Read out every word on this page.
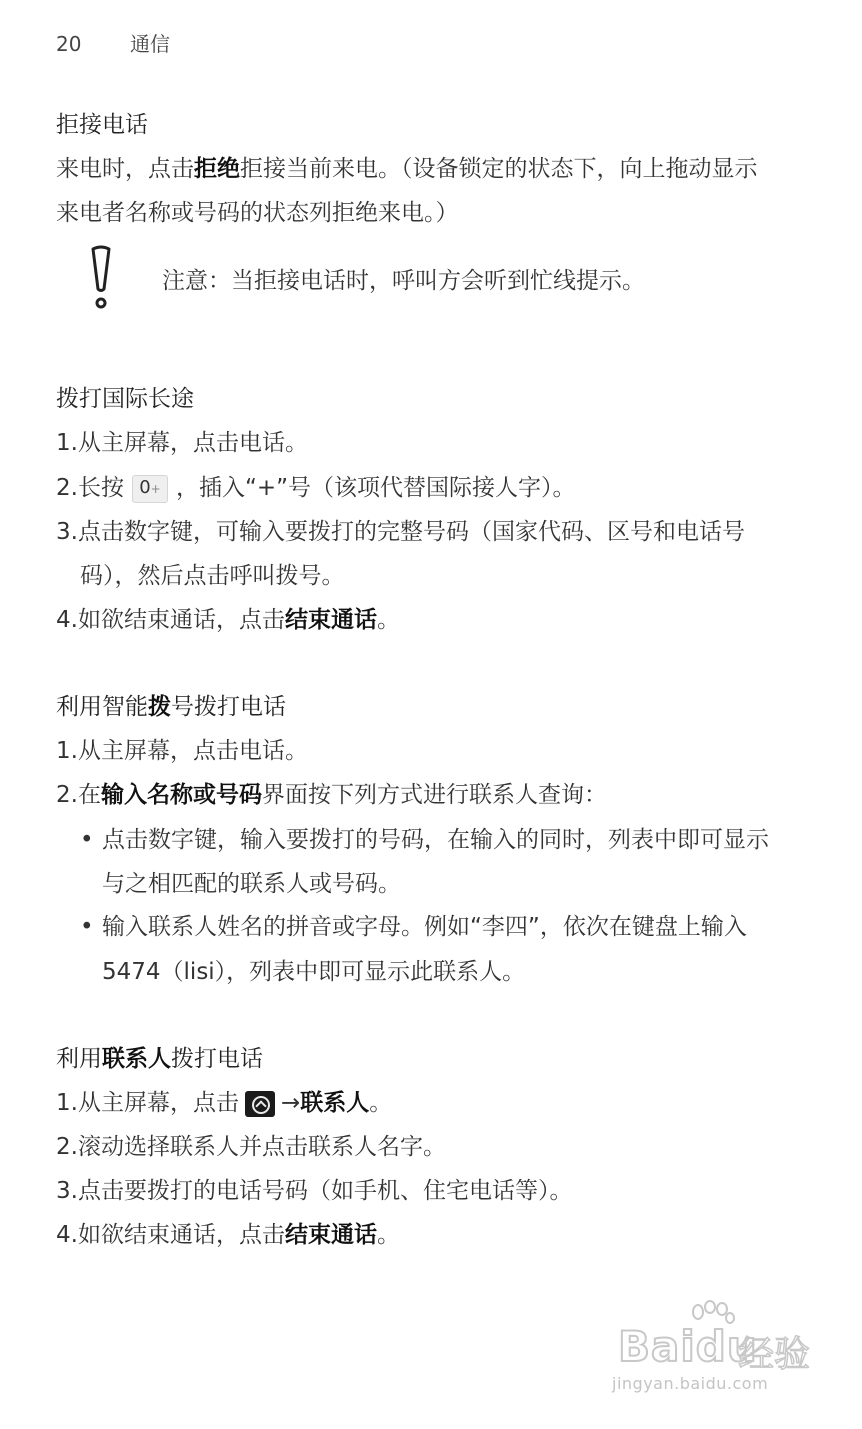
20 通信
拒接电话
来电时，点击拒绝拒接当前来电。（设备锁定的状态下，向上拖动显示
来电者名称或号码的状态列拒绝来电。）
注意：当拒接电话时，呼叫方会听到忙线提示。
拨打国际长途
1.从主屏幕，点击电话。
2.长按 0+ ，插入“+”号（该项代替国际接人字）。
3.点击数字键，可输入要拨打的完整号码（国家代码、区号和电话号
码），然后点击呼叫拨号。
4.如欲结束通话，点击结束通话。
利用智能拨号拨打电话
1.从主屏幕，点击电话。
2.在输入名称或号码界面按下列方式进行联系人查询：
• 点击数字键，输入要拨打的号码，在输入的同时，列表中即可显示
与之相匹配的联系人或号码。
• 输入联系人姓名的拼音或字母。例如“李四”，依次在键盘上输入
5474（lisi），列表中即可显示此联系人。
利用联系人拨打电话
1.从主屏幕，点击 →联系人。
2.滚动选择联系人并点击联系人名字。
3.点击要拨打的电话号码（如手机、住宅电话等）。
4.如欲结束通话，点击结束通话。
Baidu
经验
jingyan.baidu.com
